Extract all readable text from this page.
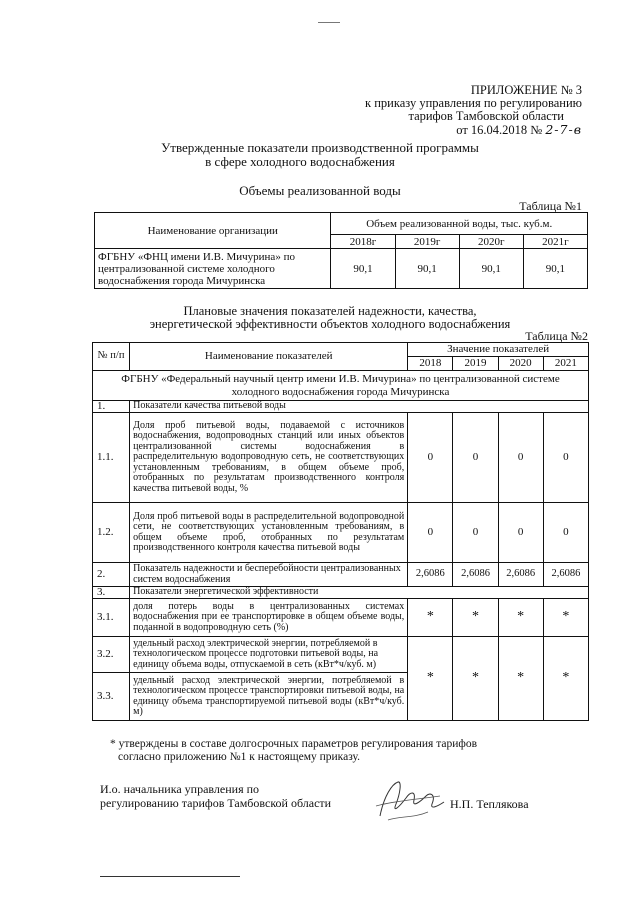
ПРИЛОЖЕНИЕ № 3
к приказу управления по регулированию
тарифов Тамбовской области
от 16.04.2018 № 2-7-в
Утвержденные показатели производственной программы
в сфере холодного водоснабжения
Объемы реализованной воды
Таблица №1
Наименование организации	Объем реализованной воды, тыс. куб.м.			
	2018г	2019г	2020г	2021г
ФГБНУ «ФНЦ имени И.В. Мичурина» по централизованной системе холодного водоснабжения города Мичуринска	90,1	90,1	90,1	90,1
Плановые значения показателей надежности, качества,
энергетической эффективности объектов холодного водоснабжения
Таблица №2
№ п/п	Наименование показателей	Значение показателей			
		2018	2019	2020	2021
ФГБНУ «Федеральный научный центр имени И.В. Мичурина» по централизованной системе холодного водоснабжения города Мичуринска					
1.	Показатели качества питьевой воды				
1.1.	Доля проб питьевой воды, подаваемой с источников водоснабжения, водопроводных станций или иных объектов централизованной системы водоснабжения в распределительную водопроводную сеть, не соответствующих установленным требованиям, в общем объеме проб, отобранных по результатам производственного контроля качества питьевой воды, %	0	0	0	0
1.2.	Доля проб питьевой воды в распределительной водопроводной сети, не соответствующих установленным требованиям, в общем объеме проб, отобранных по результатам производственного контроля качества питьевой воды	0	0	0	0
2.	Показатель надежности и бесперебойности централизованных систем водоснабжения	2,6086	2,6086	2,6086	2,6086
3.	Показатели энергетической эффективности				
3.1.	доля потерь воды в централизованных системах водоснабжения при ее транспортировке в общем объеме воды, поданной в водопроводную сеть (%)	*	*	*	*
3.2.	удельный расход электрической энергии, потребляемой в технологическом процессе подготовки питьевой воды, на единицу объема воды, отпускаемой в сеть (кВт*ч/куб. м)	*	*	*	*
3.3.	удельный расход электрической энергии, потребляемой в технологическом процессе транспортировки питьевой воды, на единицу объема транспортируемой питьевой воды (кВт*ч/куб. м)				
* утверждены в составе долгосрочных параметров регулирования тарифов
согласно приложению №1 к настоящему приказу.
И.о. начальника управления по
регулированию тарифов Тамбовской области	Н.П. Теплякова
